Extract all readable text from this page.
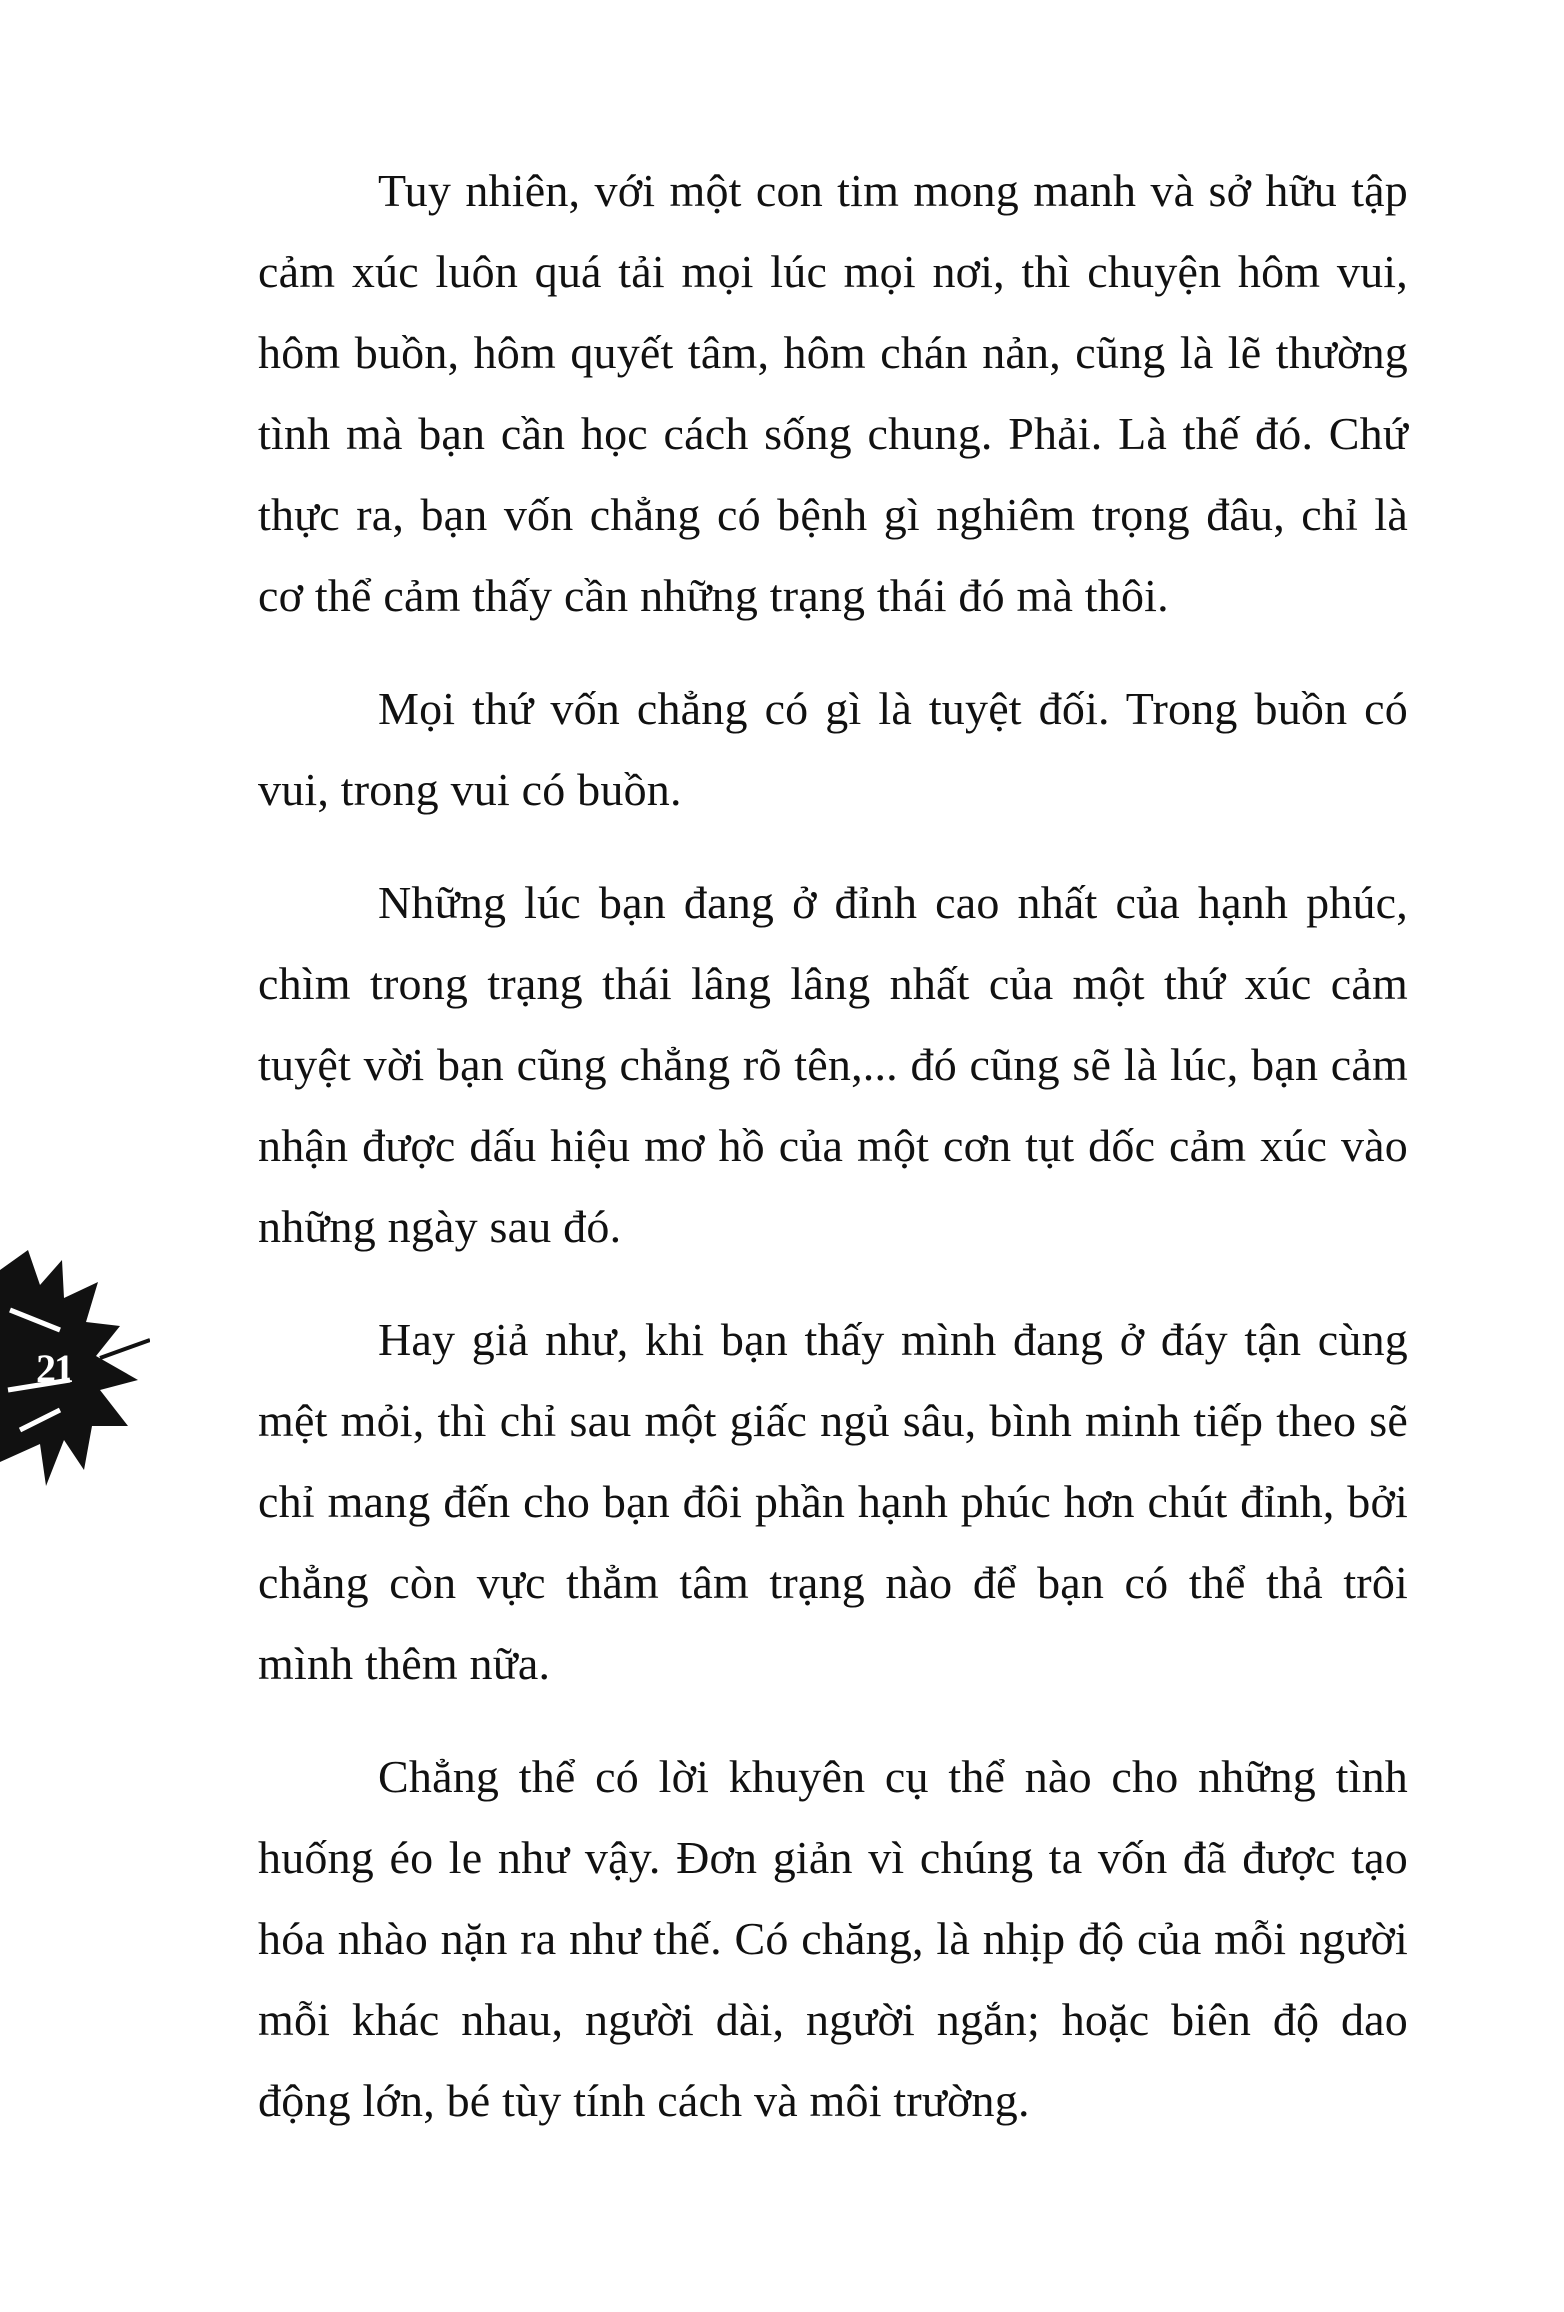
Tuy nhiên, với một con tim mong manh và sở hữu tập cảm xúc luôn quá tải mọi lúc mọi nơi, thì chuyện hôm vui, hôm buồn, hôm quyết tâm, hôm chán nản, cũng là lẽ thường tình mà bạn cần học cách sống chung. Phải. Là thế đó. Chứ thực ra, bạn vốn chẳng có bệnh gì nghiêm trọng đâu, chỉ là cơ thể cảm thấy cần những trạng thái đó mà thôi.

Mọi thứ vốn chẳng có gì là tuyệt đối. Trong buồn có vui, trong vui có buồn.

Những lúc bạn đang ở đỉnh cao nhất của hạnh phúc, chìm trong trạng thái lâng lâng nhất của một thứ xúc cảm tuyệt vời bạn cũng chẳng rõ tên,... đó cũng sẽ là lúc, bạn cảm nhận được dấu hiệu mơ hồ của một cơn tụt dốc cảm xúc vào những ngày sau đó.

Hay giả như, khi bạn thấy mình đang ở đáy tận cùng mệt mỏi, thì chỉ sau một giấc ngủ sâu, bình minh tiếp theo sẽ chỉ mang đến cho bạn đôi phần hạnh phúc hơn chút đỉnh, bởi chẳng còn vực thẳm tâm trạng nào để bạn có thể thả trôi mình thêm nữa.

Chẳng thể có lời khuyên cụ thể nào cho những tình huống éo le như vậy. Đơn giản vì chúng ta vốn đã được tạo hóa nhào nặn ra như thế. Có chăng, là nhịp độ của mỗi người mỗi khác nhau, người dài, người ngắn; hoặc biên độ dao động lớn, bé tùy tính cách và môi trường.

21
